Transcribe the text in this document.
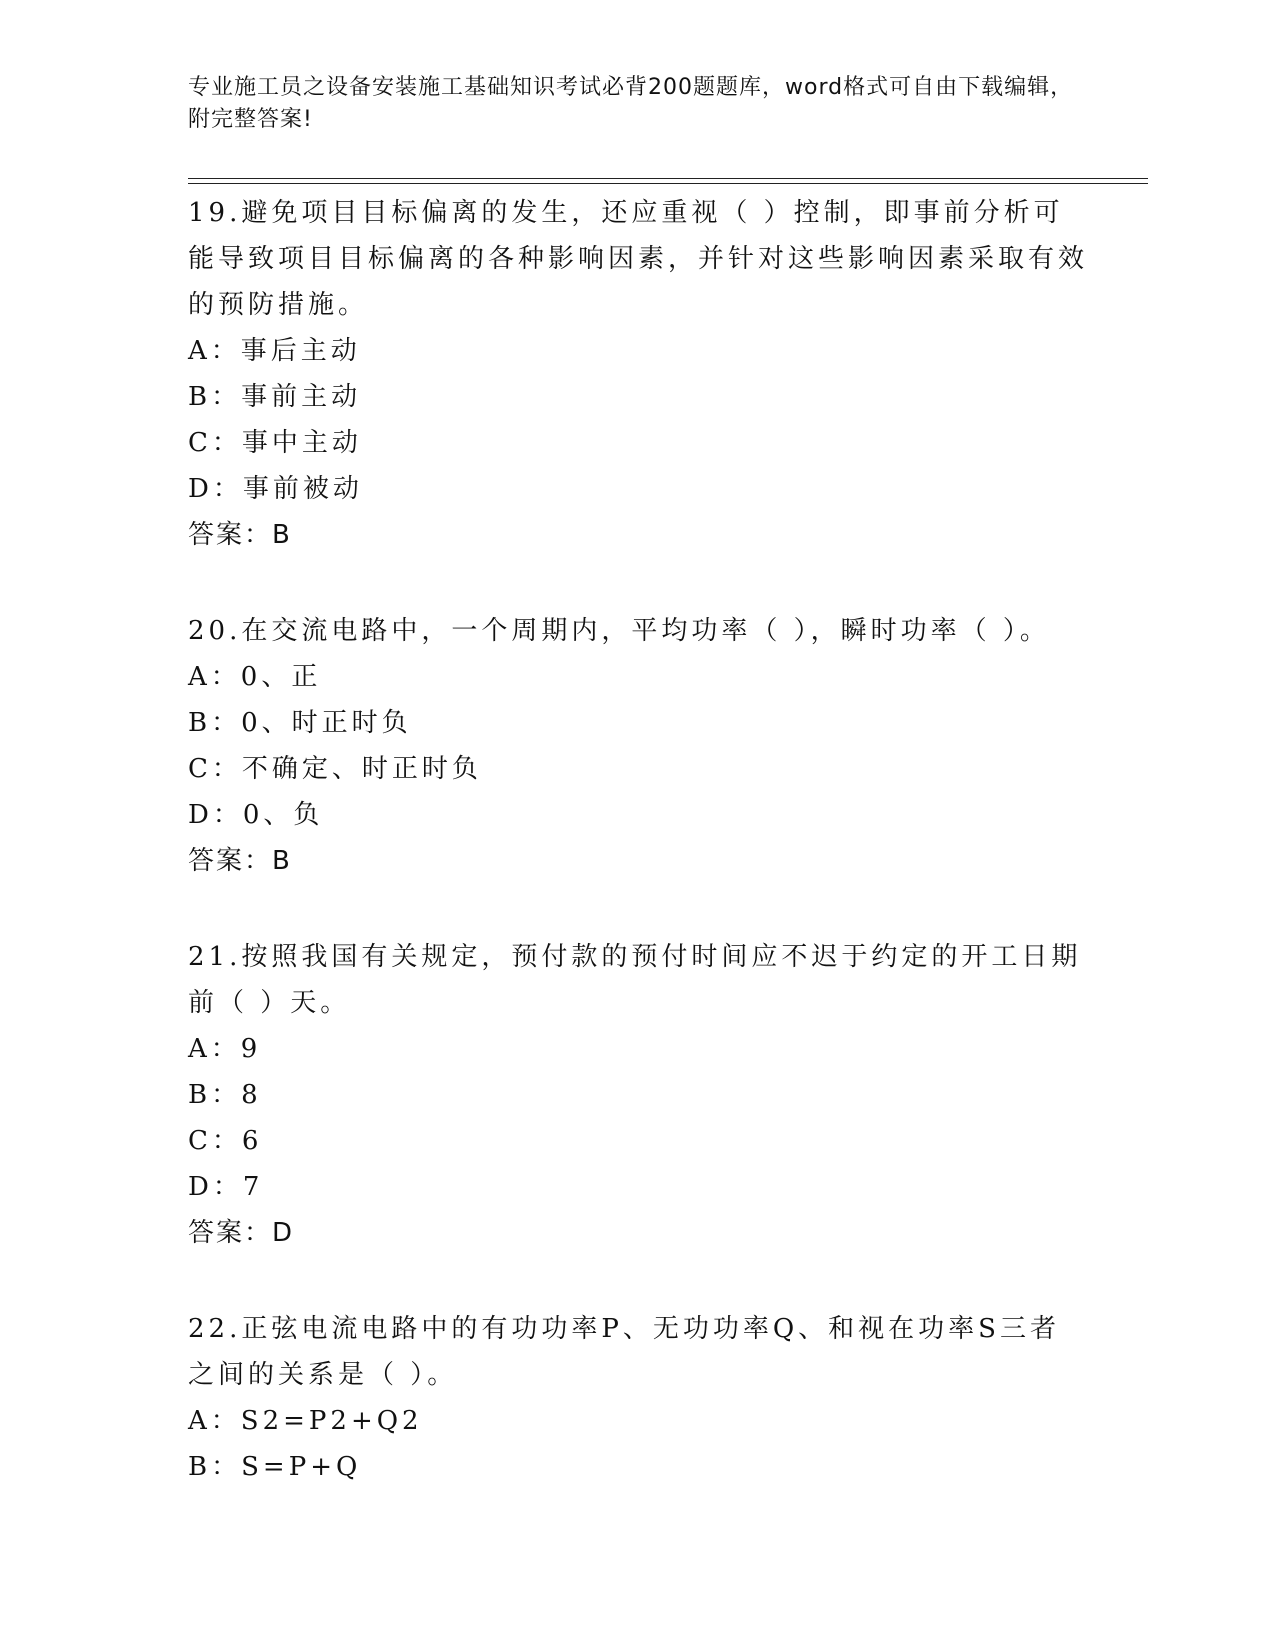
专业施工员之设备安装施工基础知识考试必背200题题库，word格式可自由下载编辑，附完整答案!

19.避免项目目标偏离的发生，还应重视（ ）控制，即事前分析可能导致项目目标偏离的各种影响因素，并针对这些影响因素采取有效的预防措施。

A：事后主动

B：事前主动

C：事中主动

D：事前被动

答案：B

20.在交流电路中，一个周期内，平均功率（ ），瞬时功率（ ）。

A：0、正

B：0、时正时负

C：不确定、时正时负

D：0、负

答案：B

21.按照我国有关规定，预付款的预付时间应不迟于约定的开工日期前（ ）天。

A：9

B：8

C：6

D：7

答案：D

22.正弦电流电路中的有功功率P、无功功率Q、和视在功率S三者之间的关系是（ ）。

A：S2=P2+Q2

B：S=P+Q
